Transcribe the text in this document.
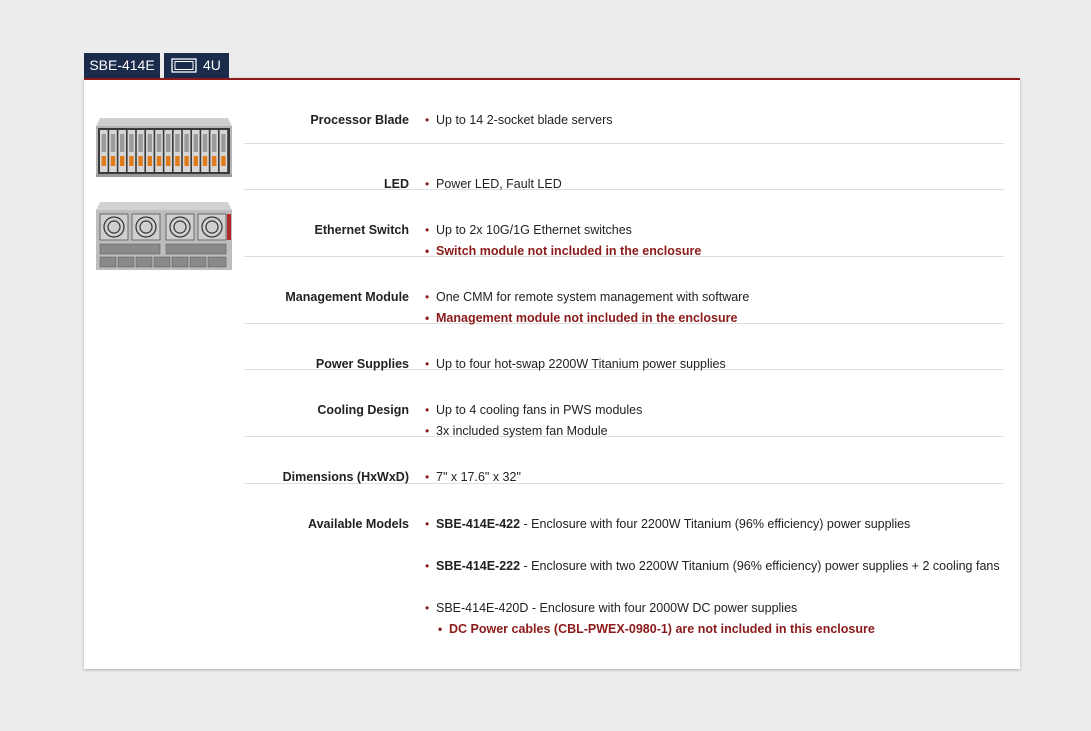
SBE-414E	4U
Processor Blade	• Up to 14 2-socket blade servers
LED	• Power LED, Fault LED
Ethernet Switch	• Up to 2x 10G/1G Ethernet switches
• Switch module not included in the enclosure
Management Module	• One CMM for remote system management with software
• Management module not included in the enclosure
Power Supplies	• Up to four hot-swap 2200W Titanium power supplies
Cooling Design	• Up to 4 cooling fans in PWS modules
• 3x included system fan Module
Dimensions (HxWxD)	• 7" x 17.6" x 32"
Available Models	• SBE-414E-422 - Enclosure with four 2200W Titanium (96% efficiency) power supplies
• SBE-414E-222 - Enclosure with two 2200W Titanium (96% efficiency) power supplies + 2 cooling fans
• SBE-414E-420D - Enclosure with four 2000W DC power supplies
• DC Power cables (CBL-PWEX-0980-1) are not included in this enclosure
